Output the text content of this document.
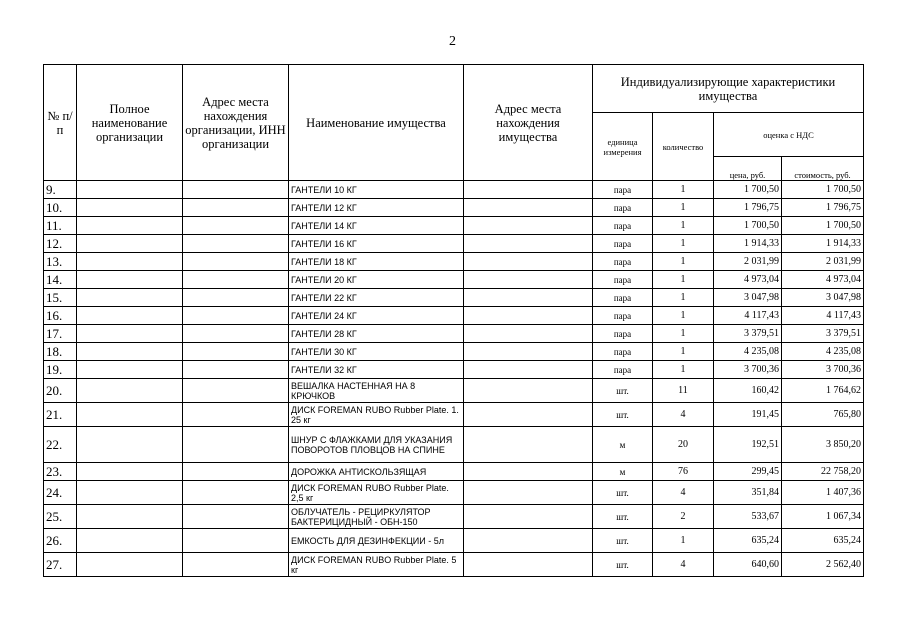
2
№ п/п	Полное наименование организации	Адрес места нахождения организации, ИНН организации	Наименование имущества	Адрес места нахождения имущества	Индивидуализирующие характеристики имущества			
					единица измерения	количество	оценка с НДС	
							цена, руб.	стоимость, руб.
9.			ГАНТЕЛИ 10 КГ		пара	1	1 700,50	1 700,50
10.			ГАНТЕЛИ 12 КГ		пара	1	1 796,75	1 796,75
11.			ГАНТЕЛИ 14 КГ		пара	1	1 700,50	1 700,50
12.			ГАНТЕЛИ 16 КГ		пара	1	1 914,33	1 914,33
13.			ГАНТЕЛИ 18 КГ		пара	1	2 031,99	2 031,99
14.			ГАНТЕЛИ 20 КГ		пара	1	4 973,04	4 973,04
15.			ГАНТЕЛИ 22 КГ		пара	1	3 047,98	3 047,98
16.			ГАНТЕЛИ 24 КГ		пара	1	4 117,43	4 117,43
17.			ГАНТЕЛИ 28 КГ		пара	1	3 379,51	3 379,51
18.			ГАНТЕЛИ 30 КГ		пара	1	4 235,08	4 235,08
19.			ГАНТЕЛИ 32 КГ		пара	1	3 700,36	3 700,36
20.			ВЕШАЛКА НАСТЕННАЯ НА 8 КРЮЧКОВ		шт.	11	160,42	1 764,62
21.			ДИСК FOREMAN RUBO Rubber Plate. 1. 25 кг		шт.	4	191,45	765,80
22.			ШНУР С ФЛАЖКАМИ ДЛЯ УКАЗАНИЯ ПОВОРОТОВ ПЛОВЦОВ НА СПИНЕ		м	20	192,51	3 850,20
23.			ДОРОЖКА АНТИСКОЛЬЗЯЩАЯ		м	76	299,45	22 758,20
24.			ДИСК FOREMAN RUBO Rubber Plate. 2,5 кг		шт.	4	351,84	1 407,36
25.			ОБЛУЧАТЕЛЬ - РЕЦИРКУЛЯТОР БАКТЕРИЦИДНЫЙ - ОБН-150		шт.	2	533,67	1 067,34
26.			ЕМКОСТЬ ДЛЯ ДЕЗИНФЕКЦИИ - 5л		шт.	1	635,24	635,24
27.			ДИСК FOREMAN RUBO Rubber Plate. 5 кг		шт.	4	640,60	2 562,40
